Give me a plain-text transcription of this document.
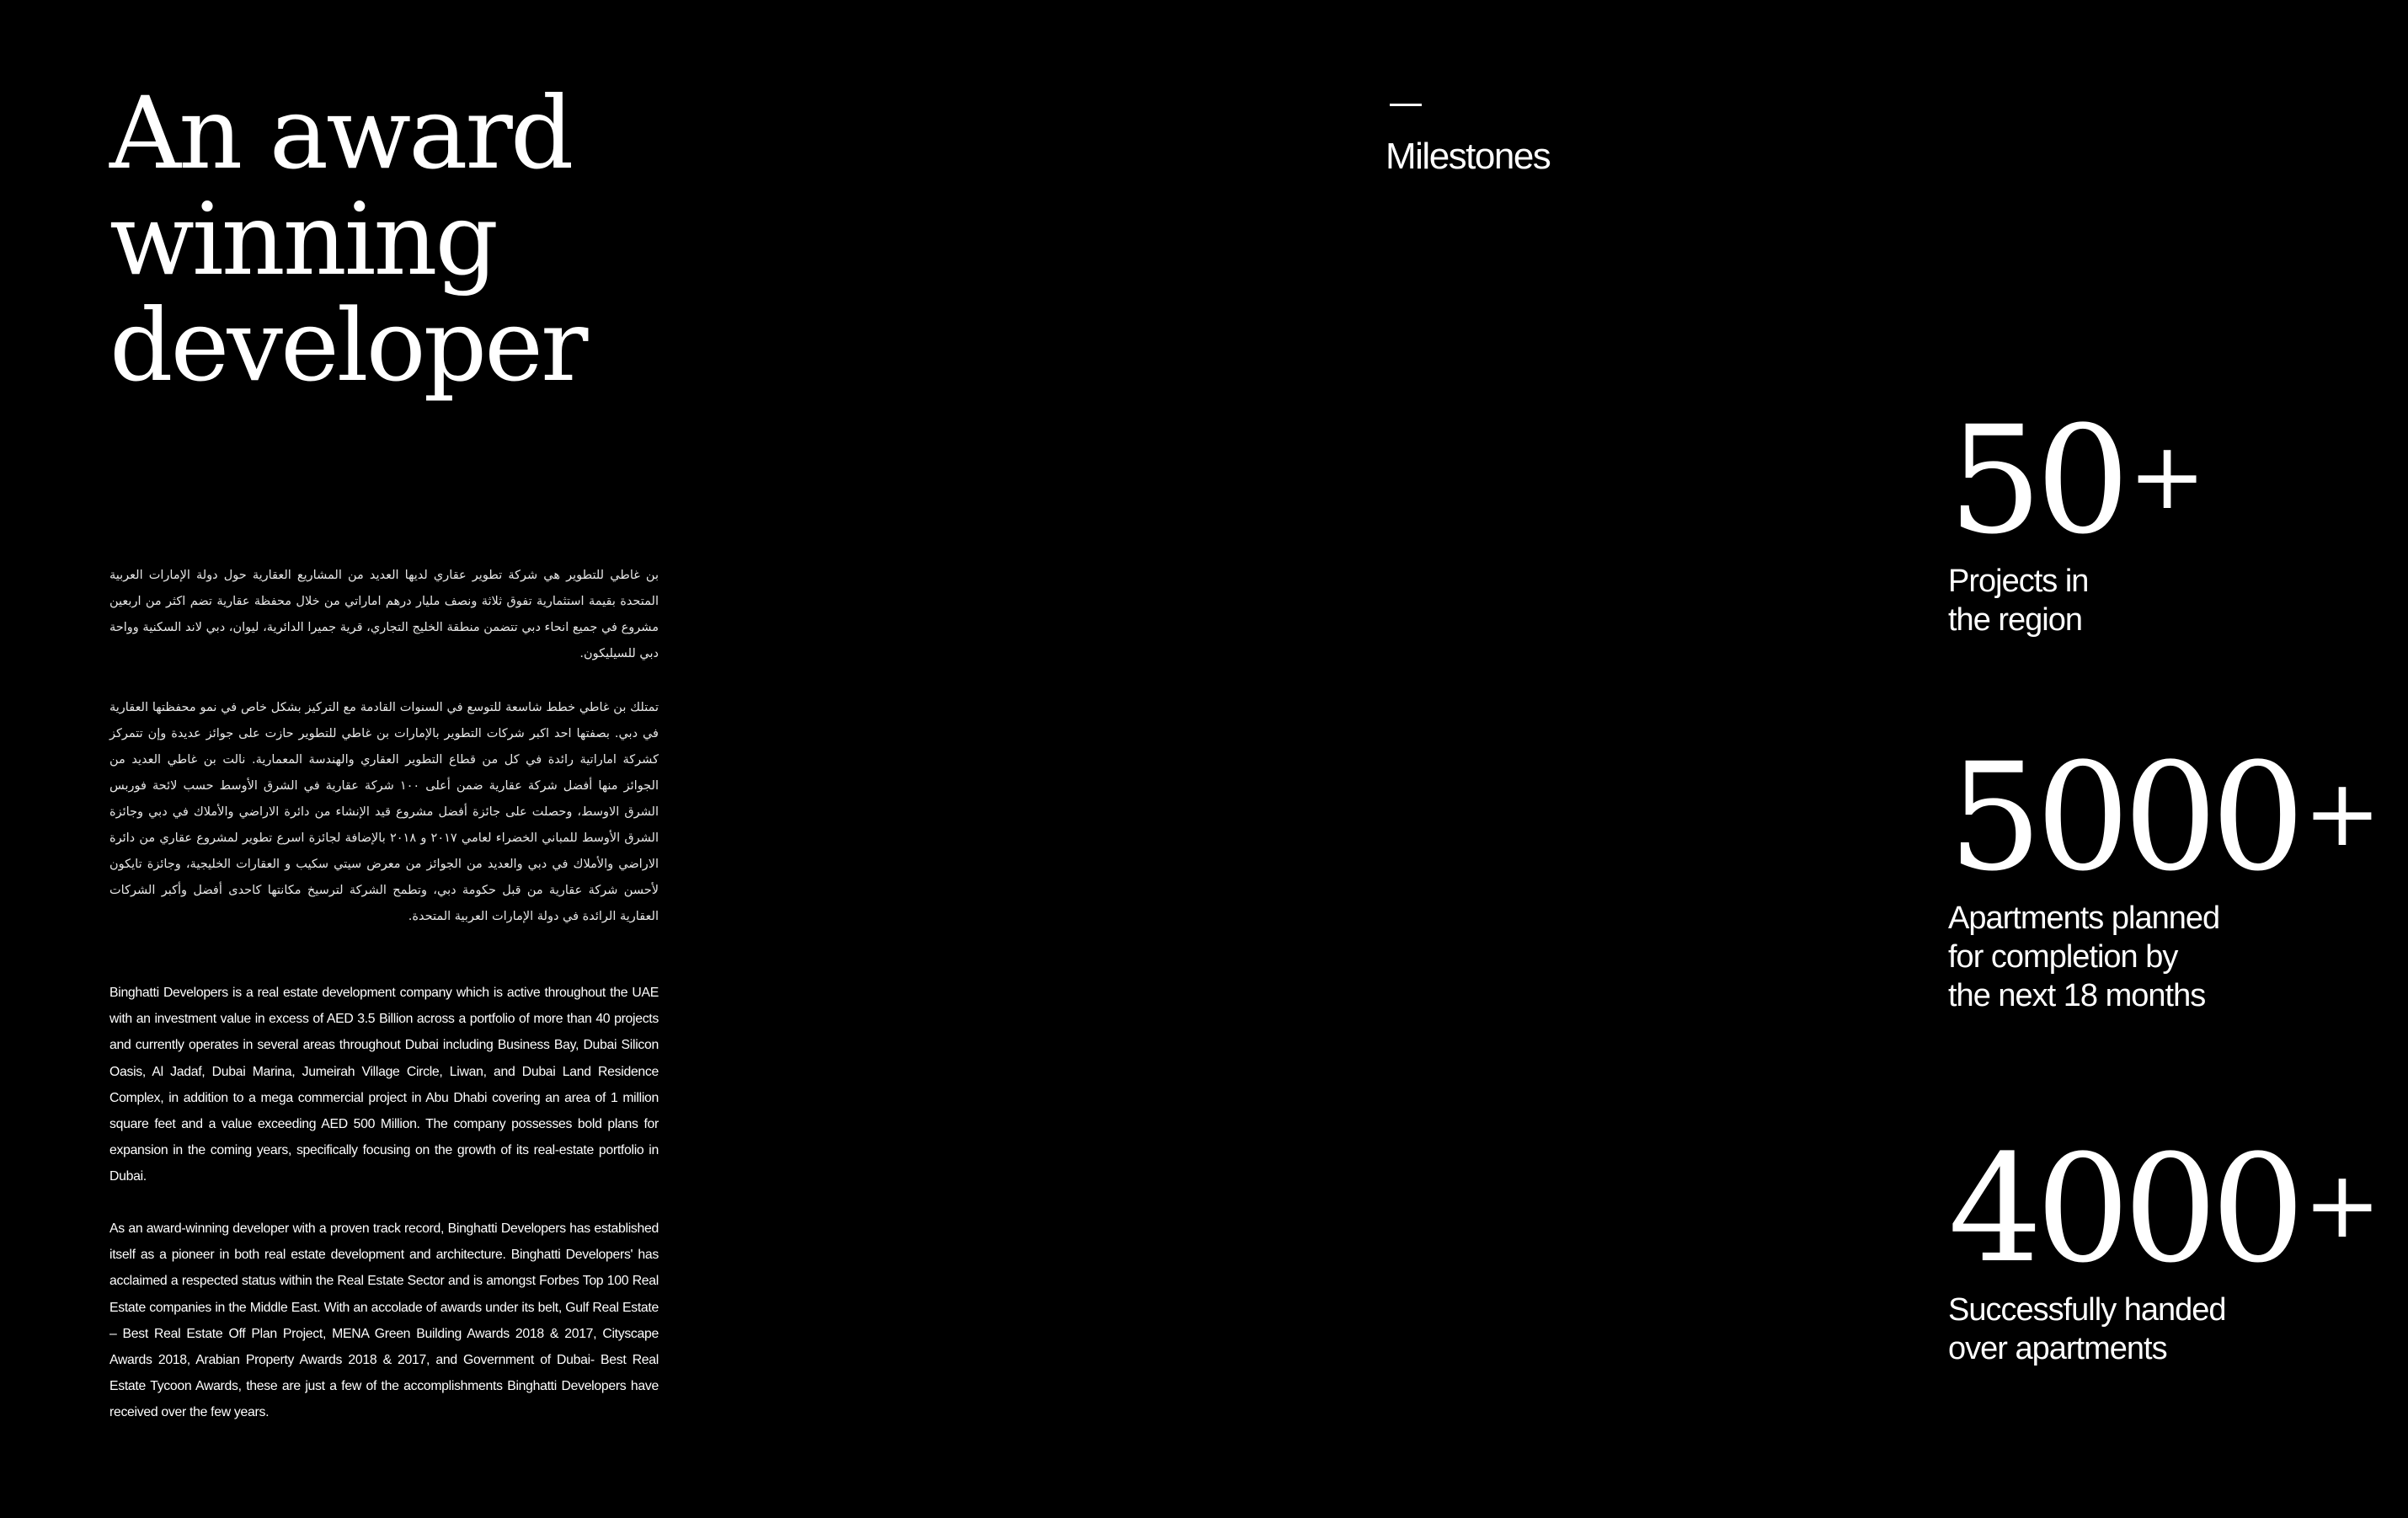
An award
winning
developer

بن غاطي للتطوير هي شركة تطوير عقاري لديها العديد من المشاريع العقارية حول دولة الإمارات العربية المتحدة بقيمة استثمارية تفوق ثلاثة ونصف مليار درهم اماراتي من خلال محفظة عقارية تضم اكثر من اربعين مشروع في جميع انحاء دبي تتضمن منطقة الخليج التجاري، قرية جميرا الدائرية، ليوان، دبي لاند السكنية وواحة دبي للسيليكون.

تمتلك بن غاطي خطط شاسعة للتوسع في السنوات القادمة مع التركيز بشكل خاص في نمو محفظتها العقارية في دبي. بصفتها احد اكبر شركات التطوير بالإمارات بن غاطي للتطوير حازت على جوائز عديدة وإن تتمركز كشركة اماراتية رائدة في كل من قطاع التطوير العقاري والهندسة المعمارية. نالت بن غاطي العديد من الجوائز منها أفضل شركة عقارية ضمن أعلى ١٠٠ شركة عقارية في الشرق الأوسط حسب لائحة فوربس الشرق الاوسط، وحصلت على جائزة أفضل مشروع قيد الإنشاء من دائرة الاراضي والأملاك في دبي وجائزة الشرق الأوسط للمباني الخضراء لعامي ٢٠١٧ و ٢٠١٨ بالإضافة لجائزة اسرع تطوير لمشروع عقاري من دائرة الاراضي والأملاك في دبي والعديد من الجوائز من معرض سيتي سكيب و العقارات الخليجية، وجائزة تايكون لأحسن شركة عقارية من قبل حكومة دبي، وتطمح الشركة لترسيخ مكانتها كاحدى أفضل وأكبر الشركات العقارية الرائدة في دولة الإمارات العربية المتحدة.

Binghatti Developers is a real estate development company which is active throughout the UAE with an investment value in excess of AED 3.5 Billion across a portfolio of more than 40 projects and currently operates in several areas throughout Dubai including Business Bay, Dubai Silicon Oasis, Al Jadaf, Dubai Marina, Jumeirah Village Circle, Liwan, and Dubai Land Residence Complex, in addition to a mega commercial project in Abu Dhabi covering an area of 1 million square feet and a value exceeding AED 500 Million. The company possesses bold plans for expansion in the coming years, specifically focusing on the growth of its real-estate portfolio in Dubai.

As an award-winning developer with a proven track record, Binghatti Developers has established itself as a pioneer in both real estate development and architecture. Binghatti Developers' has acclaimed a respected status within the Real Estate Sector and is amongst Forbes Top 100 Real Estate companies in the Middle East. With an accolade of awards under its belt, Gulf Real Estate – Best Real Estate Off Plan Project, MENA Green Building Awards 2018 & 2017, Cityscape Awards 2018, Arabian Property Awards 2018 & 2017, and Government of Dubai- Best Real Estate Tycoon Awards, these are just a few of the accomplishments Binghatti Developers have received over the few years.

Milestones
50+
Projects in
the region
5000+
Apartments planned
for completion by
the next 18 months
4000+
Successfully handed
over apartments
